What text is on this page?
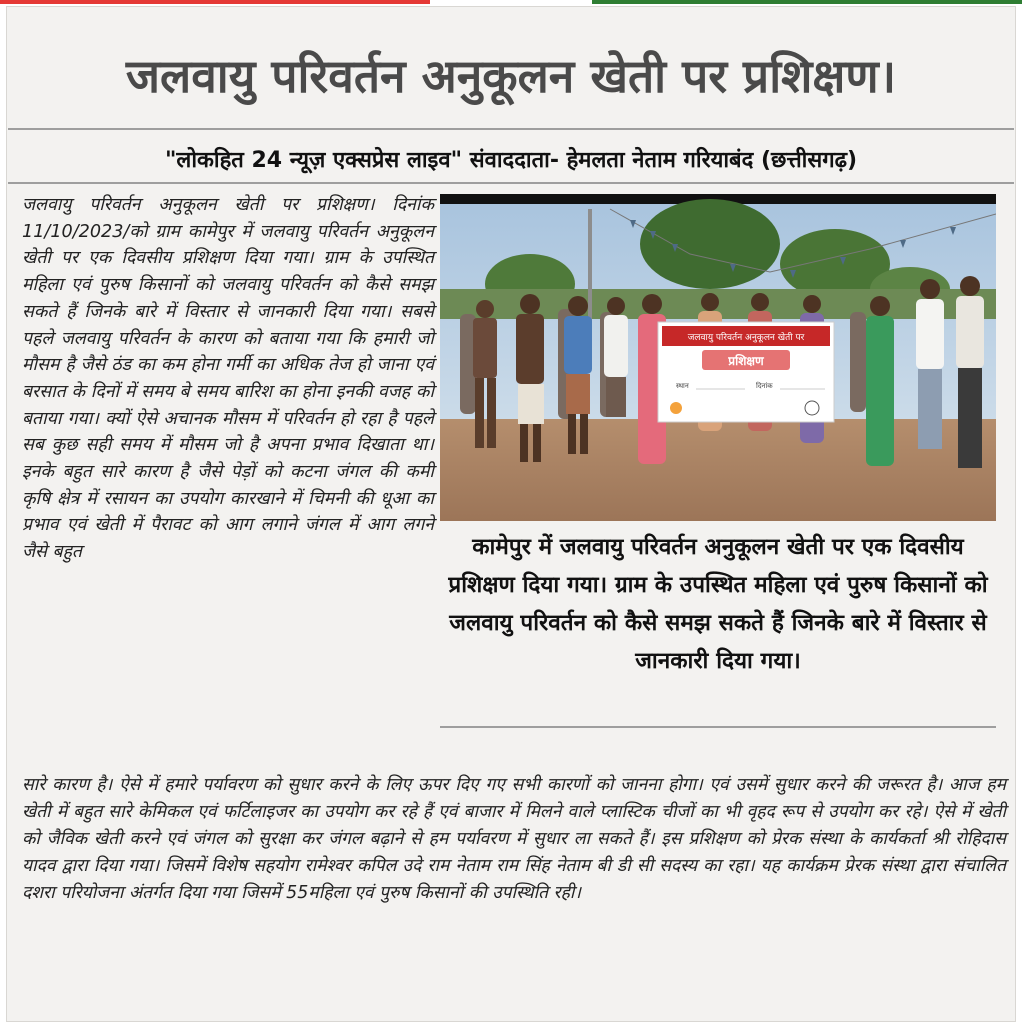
जलवायु परिवर्तन अनुकूलन खेती पर प्रशिक्षण।
"लोकहित 24 न्यूज़ एक्सप्रेस लाइव" संवाददाता- हेमलता नेताम गरियाबंद (छत्तीसगढ़)
जलवायु परिवर्तन अनुकूलन खेती पर प्रशिक्षण। दिनांक 11/10/2023/को ग्राम कामेपुर में जलवायु परिवर्तन अनुकूलन खेती पर एक दिवसीय प्रशिक्षण दिया गया। ग्राम के उपस्थित महिला एवं पुरुष किसानों को जलवायु परिवर्तन को कैसे समझ सकते हैं जिनके बारे में विस्तार से जानकारी दिया गया। सबसे पहले जलवायु परिवर्तन के कारण को बताया गया कि हमारी जो मौसम है जैसे ठंड का कम होना गर्मी का अधिक तेज हो जाना एवं बरसात के दिनों में समय बे समय बारिश का होना इनकी वजह को बताया गया। क्यों ऐसे अचानक मौसम में परिवर्तन हो रहा है पहले सब कुछ सही समय में मौसम जो है अपना प्रभाव दिखाता था। इनके बहुत सारे कारण है जैसे पेड़ों को कटना जंगल की कमी कृषि क्षेत्र में रसायन का उपयोग कारखाने में चिमनी की धूआ का प्रभाव एवं खेती में पैरावट को आग लगाने जंगल में आग लगने जैसे बहुत
जलवायु परिवर्तन अनुकूलन खेती पर
प्रशिक्षण
स्थान	दिनांक
कामेपुर में जलवायु परिवर्तन अनुकूलन खेती पर एक दिवसीय प्रशिक्षण दिया गया। ग्राम के उपस्थित महिला एवं पुरुष किसानों को जलवायु परिवर्तन को कैसे समझ सकते हैं जिनके बारे में विस्तार से जानकारी दिया गया।
सारे कारण है। ऐसे में हमारे पर्यावरण को सुधार करने के लिए ऊपर दिए गए सभी कारणों को जानना होगा। एवं उसमें सुधार करने की जरूरत है। आज हम खेती में बहुत सारे केमिकल एवं फर्टिलाइजर का उपयोग कर रहे हैं एवं बाजार में मिलने वाले प्लास्टिक चीजों का भी वृहद रूप से उपयोग कर रहे। ऐसे में खेती को जैविक खेती करने एवं जंगल को सुरक्षा कर जंगल बढ़ाने से हम पर्यावरण में सुधार ला सकते हैं। इस प्रशिक्षण को प्रेरक संस्था के कार्यकर्ता श्री रोहिदास यादव द्वारा दिया गया। जिसमें विशेष सहयोग रामेश्वर कपिल उदे राम नेताम राम सिंह नेताम बी डी सी सदस्य का रहा। यह कार्यक्रम प्रेरक संस्था द्वारा संचालित दशरा परियोजना अंतर्गत दिया गया जिसमें 55महिला एवं पुरुष किसानों की उपस्थिति रही।
